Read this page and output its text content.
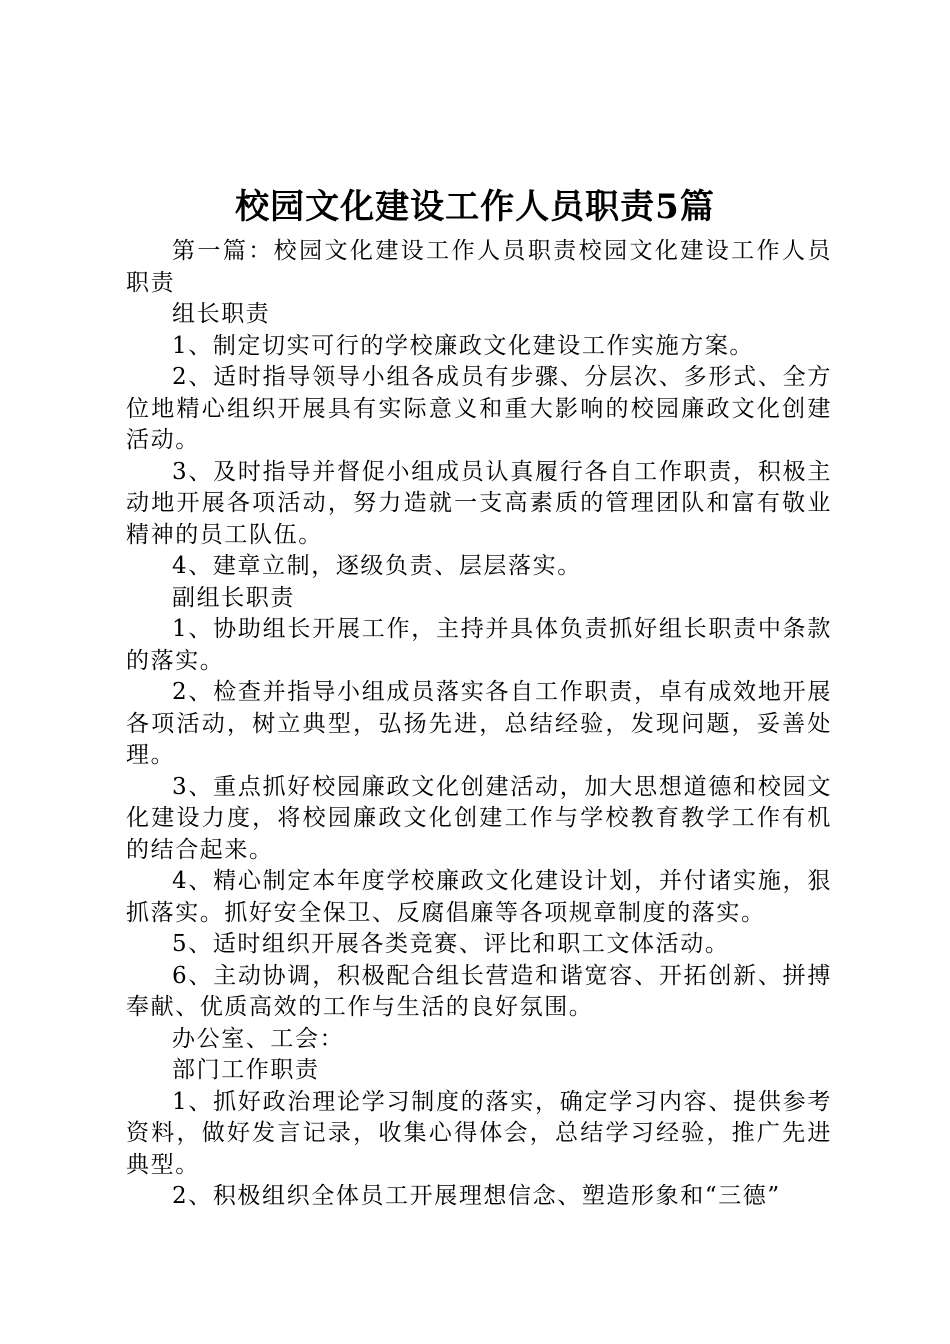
校园文化建设工作人员职责5篇

第一篇：校园文化建设工作人员职责校园文化建设工作人员职责

组长职责

1、制定切实可行的学校廉政文化建设工作实施方案。

2、适时指导领导小组各成员有步骤、分层次、多形式、全方位地精心组织开展具有实际意义和重大影响的校园廉政文化创建活动。

3、及时指导并督促小组成员认真履行各自工作职责，积极主动地开展各项活动，努力造就一支高素质的管理团队和富有敬业精神的员工队伍。

4、建章立制，逐级负责、层层落实。

副组长职责

1、协助组长开展工作，主持并具体负责抓好组长职责中条款的落实。

2、检查并指导小组成员落实各自工作职责，卓有成效地开展各项活动，树立典型，弘扬先进，总结经验，发现问题，妥善处理。

3、重点抓好校园廉政文化创建活动，加大思想道德和校园文化建设力度，将校园廉政文化创建工作与学校教育教学工作有机的结合起来。

4、精心制定本年度学校廉政文化建设计划，并付诸实施，狠抓落实。抓好安全保卫、反腐倡廉等各项规章制度的落实。

5、适时组织开展各类竞赛、评比和职工文体活动。

6、主动协调，积极配合组长营造和谐宽容、开拓创新、拼搏奉献、优质高效的工作与生活的良好氛围。

办公室、工会：

部门工作职责

1、抓好政治理论学习制度的落实，确定学习内容、提供参考资料，做好发言记录，收集心得体会，总结学习经验，推广先进典型。

2、积极组织全体员工开展理想信念、塑造形象和“三德”
